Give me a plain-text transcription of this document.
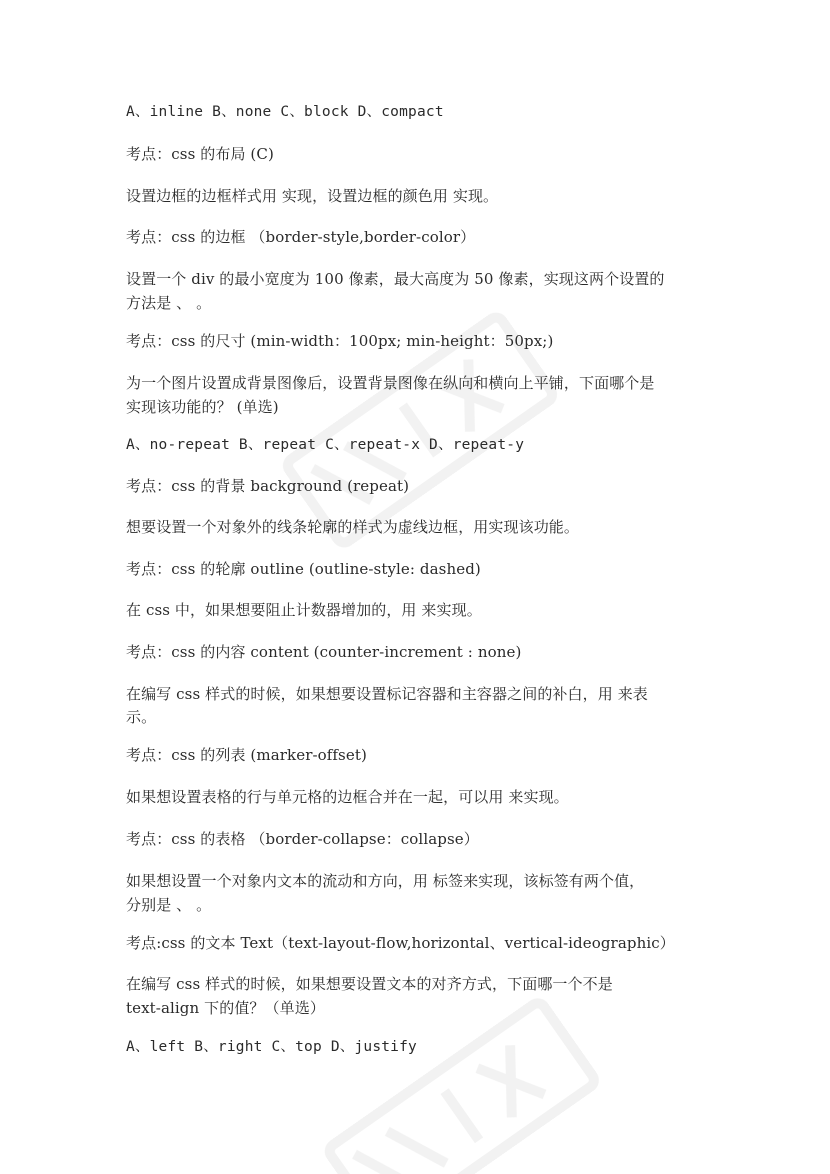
A、inline B、none C、block D、compact
考点：css 的布局 (C)
设置边框的边框样式用 实现，设置边框的颜色用 实现。
考点：css 的边框 （border-style,border-color）
设置一个 div 的最小宽度为 100 像素，最大高度为 50 像素，实现这两个设置的
方法是 、 。
考点：css 的尺寸 (min-width：100px; min-height：50px;)
为一个图片设置成背景图像后，设置背景图像在纵向和横向上平铺，下面哪个是
实现该功能的？ (单选)
A、no-repeat B、repeat C、repeat-x D、repeat-y
考点：css 的背景 background (repeat)
想要设置一个对象外的线条轮廓的样式为虚线边框，用实现该功能。
考点：css 的轮廓 outline (outline-style: dashed)
在 css 中，如果想要阻止计数器增加的，用 来实现。
考点：css 的内容 content (counter-increment : none)
在编写 css 样式的时候，如果想要设置标记容器和主容器之间的补白，用 来表
示。
考点：css 的列表 (marker-offset)
如果想设置表格的行与单元格的边框合并在一起，可以用 来实现。
考点：css 的表格 （border-collapse：collapse）
如果想设置一个对象内文本的流动和方向，用 标签来实现，该标签有两个值，
分别是 、 。
考点:css 的文本 Text（text-layout-flow,horizontal、vertical-ideographic）
在编写 css 样式的时候，如果想要设置文本的对齐方式，下面哪一个不是
text-align 下的值？（单选）
A、left B、right C、top D、justify
